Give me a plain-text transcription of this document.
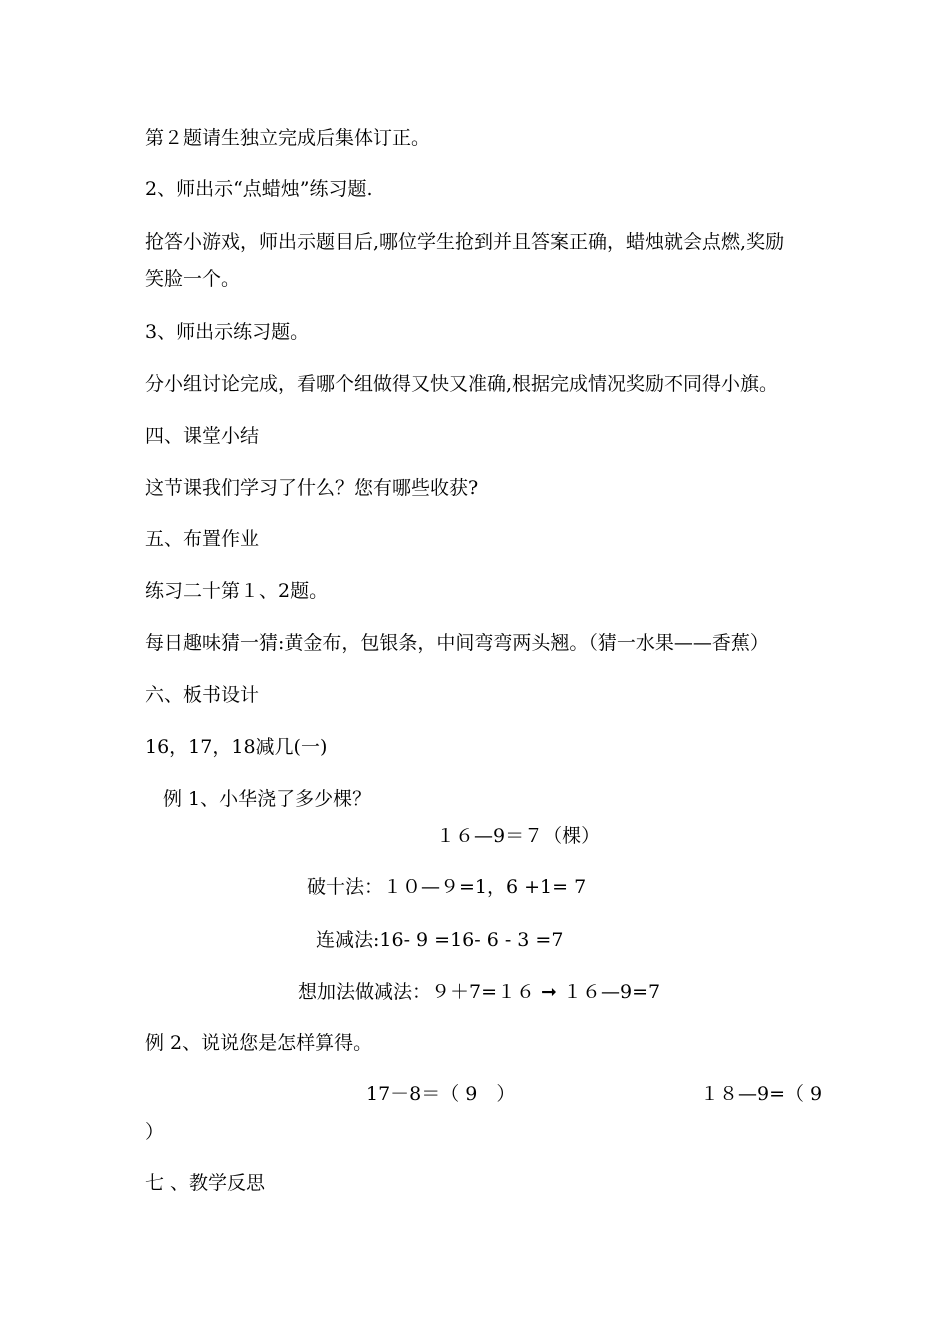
第２题请生独立完成后集体订正。
2、师出示“点蜡烛”练习题.
抢答小游戏，师出示题目后,哪位学生抢到并且答案正确，蜡烛就会点燃,奖励
笑脸一个。
3、师出示练习题。
分小组讨论完成，看哪个组做得又快又准确,根据完成情况奖励不同得小旗。
四、课堂小结
这节课我们学习了什么？您有哪些收获?
五、布置作业
练习二十第１、2题。
每日趣味猜一猜:黄金布，包银条，中间弯弯两头翘。（猜一水果——香蕉）
六、板书设计
16，17，18减几(一)
例 1、小华浇了多少棵？
１６—9＝７（棵）
破十法：１０—９=1，6 +1= 7
连减法:16- 9 =16- 6 - 3 =7
想加法做减法：９＋7=１６ ➞ １６—9=7
例 2、说说您是怎样算得。
17－8＝（ 9　）	１８—9=（ 9
）
七 、教学反思
